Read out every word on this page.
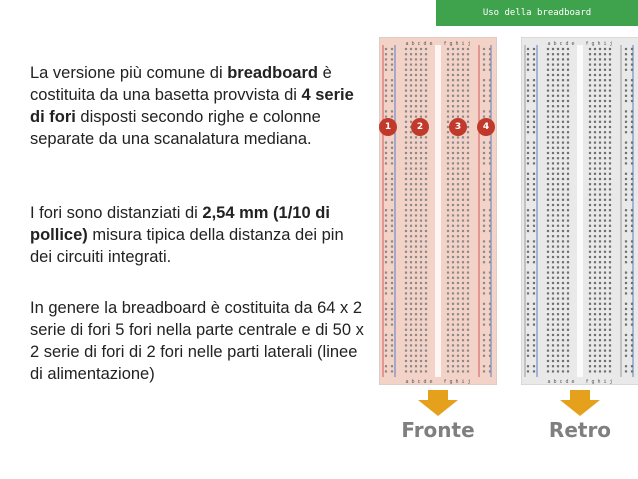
Uso della breadboard

La versione più comune di breadboard è costituita da una basetta provvista di 4 serie di fori disposti secondo righe e colonne separate da una scanalatura mediana.

I fori sono distanziati di 2,54 mm (1/10 di pollice) misura tipica della distanza dei pin dei circuiti integrati.

In genere la breadboard è costituita da 64 x 2 serie di fori 5 fori nella parte centrale e di 50 x 2 serie di fori di 2 fori nelle parti laterali (linee di alimentazione)

a b c d e f g h i j
a b c d e f g h i j
a b c d e f g h i j
a b c d e f g h i j
1	2	3	4
Fronte	Retro
